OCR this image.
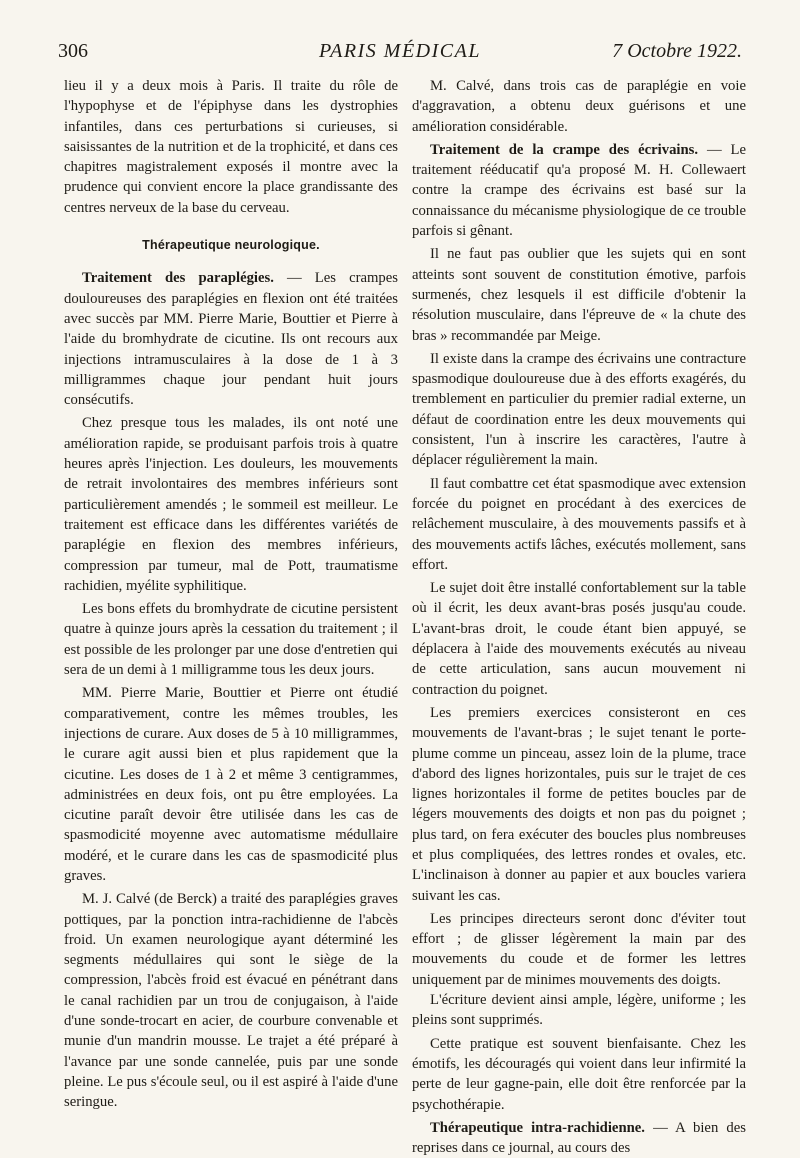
306	PARIS MÉDICAL	7 Octobre 1922.

lieu il y a deux mois à Paris. Il traite du rôle de l'hypophyse et de l'épiphyse dans les dystrophies infantiles, dans ces perturbations si curieuses, si saisissantes de la nutrition et de la trophicité, et dans ces chapitres magistralement exposés il montre avec la prudence qui convient encore la place grandissante des centres nerveux de la base du cerveau.

Thérapeutique neurologique.

Traitement des paraplégies. — Les crampes douloureuses des paraplégies en flexion ont été traitées avec succès par MM. Pierre Marie, Bouttier et Pierre à l'aide du bromhydrate de cicutine. Ils ont recours aux injections intramusculaires à la dose de 1 à 3 milligrammes chaque jour pendant huit jours consécutifs.

Chez presque tous les malades, ils ont noté une amélioration rapide, se produisant parfois trois à quatre heures après l'injection. Les douleurs, les mouvements de retrait involontaires des membres inférieurs sont particulièrement amendés ; le sommeil est meilleur. Le traitement est efficace dans les différentes variétés de paraplégie en flexion des membres inférieurs, compression par tumeur, mal de Pott, traumatisme rachidien, myélite syphilitique.

Les bons effets du bromhydrate de cicutine persistent quatre à quinze jours après la cessation du traitement ; il est possible de les prolonger par une dose d'entretien qui sera de un demi à 1 milligramme tous les deux jours.

MM. Pierre Marie, Bouttier et Pierre ont étudié comparativement, contre les mêmes troubles, les injections de curare. Aux doses de 5 à 10 milligrammes, le curare agit aussi bien et plus rapidement que la cicutine. Les doses de 1 à 2 et même 3 centigrammes, administrées en deux fois, ont pu être employées. La cicutine paraît devoir être utilisée dans les cas de spasmodicité moyenne avec automatisme médullaire modéré, et le curare dans les cas de spasmodicité plus graves.

M. J. Calvé (de Berck) a traité des paraplégies graves pottiques, par la ponction intra-rachidienne de l'abcès froid. Un examen neurologique ayant déterminé les segments médullaires qui sont le siège de la compression, l'abcès froid est évacué en pénétrant dans le canal rachidien par un trou de conjugaison, à l'aide d'une sonde-trocart en acier, de courbure convenable et munie d'un mandrin mousse. Le trajet a été préparé à l'avance par une sonde cannelée, puis par une sonde pleine. Le pus s'écoule seul, ou il est aspiré à l'aide d'une seringue.

M. Calvé, dans trois cas de paraplégie en voie d'aggravation, a obtenu deux guérisons et une amélioration considérable.

Traitement de la crampe des écrivains. — Le traitement rééducatif qu'a proposé M. H. Collewaert contre la crampe des écrivains est basé sur la connaissance du mécanisme physiologique de ce trouble parfois si gênant.

Il ne faut pas oublier que les sujets qui en sont atteints sont souvent de constitution émotive, parfois surmenés, chez lesquels il est difficile d'obtenir la résolution musculaire, dans l'épreuve de « la chute des bras » recommandée par Meige.

Il existe dans la crampe des écrivains une contracture spasmodique douloureuse due à des efforts exagérés, du tremblement en particulier du premier radial externe, un défaut de coordination entre les deux mouvements qui consistent, l'un à inscrire les caractères, l'autre à déplacer régulièrement la main.

Il faut combattre cet état spasmodique avec extension forcée du poignet en procédant à des exercices de relâchement musculaire, à des mouvements passifs et à des mouvements actifs lâches, exécutés mollement, sans effort.

Le sujet doit être installé confortablement sur la table où il écrit, les deux avant-bras posés jusqu'au coude. L'avant-bras droit, le coude étant bien appuyé, se déplacera à l'aide des mouvements exécutés au niveau de cette articulation, sans aucun mouvement ni contraction du poignet.

Les premiers exercices consisteront en ces mouvements de l'avant-bras ; le sujet tenant le porte-plume comme un pinceau, assez loin de la plume, trace d'abord des lignes horizontales, puis sur le trajet de ces lignes horizontales il forme de petites boucles par de légers mouvements des doigts et non pas du poignet ; plus tard, on fera exécuter des boucles plus nombreuses et plus compliquées, des lettres rondes et ovales, etc. L'inclinaison à donner au papier et aux boucles variera suivant les cas.

Les principes directeurs seront donc d'éviter tout effort ; de glisser légèrement la main par des mouvements du coude et de former les lettres uniquement par de minimes mouvements des doigts.

L'écriture devient ainsi ample, légère, uniforme ; les pleins sont supprimés.

Cette pratique est souvent bienfaisante. Chez les émotifs, les découragés qui voient dans leur infirmité la perte de leur gagne-pain, elle doit être renforcée par la psychothérapie.

Thérapeutique intra-rachidienne. — A bien des reprises dans ce journal, au cours des
